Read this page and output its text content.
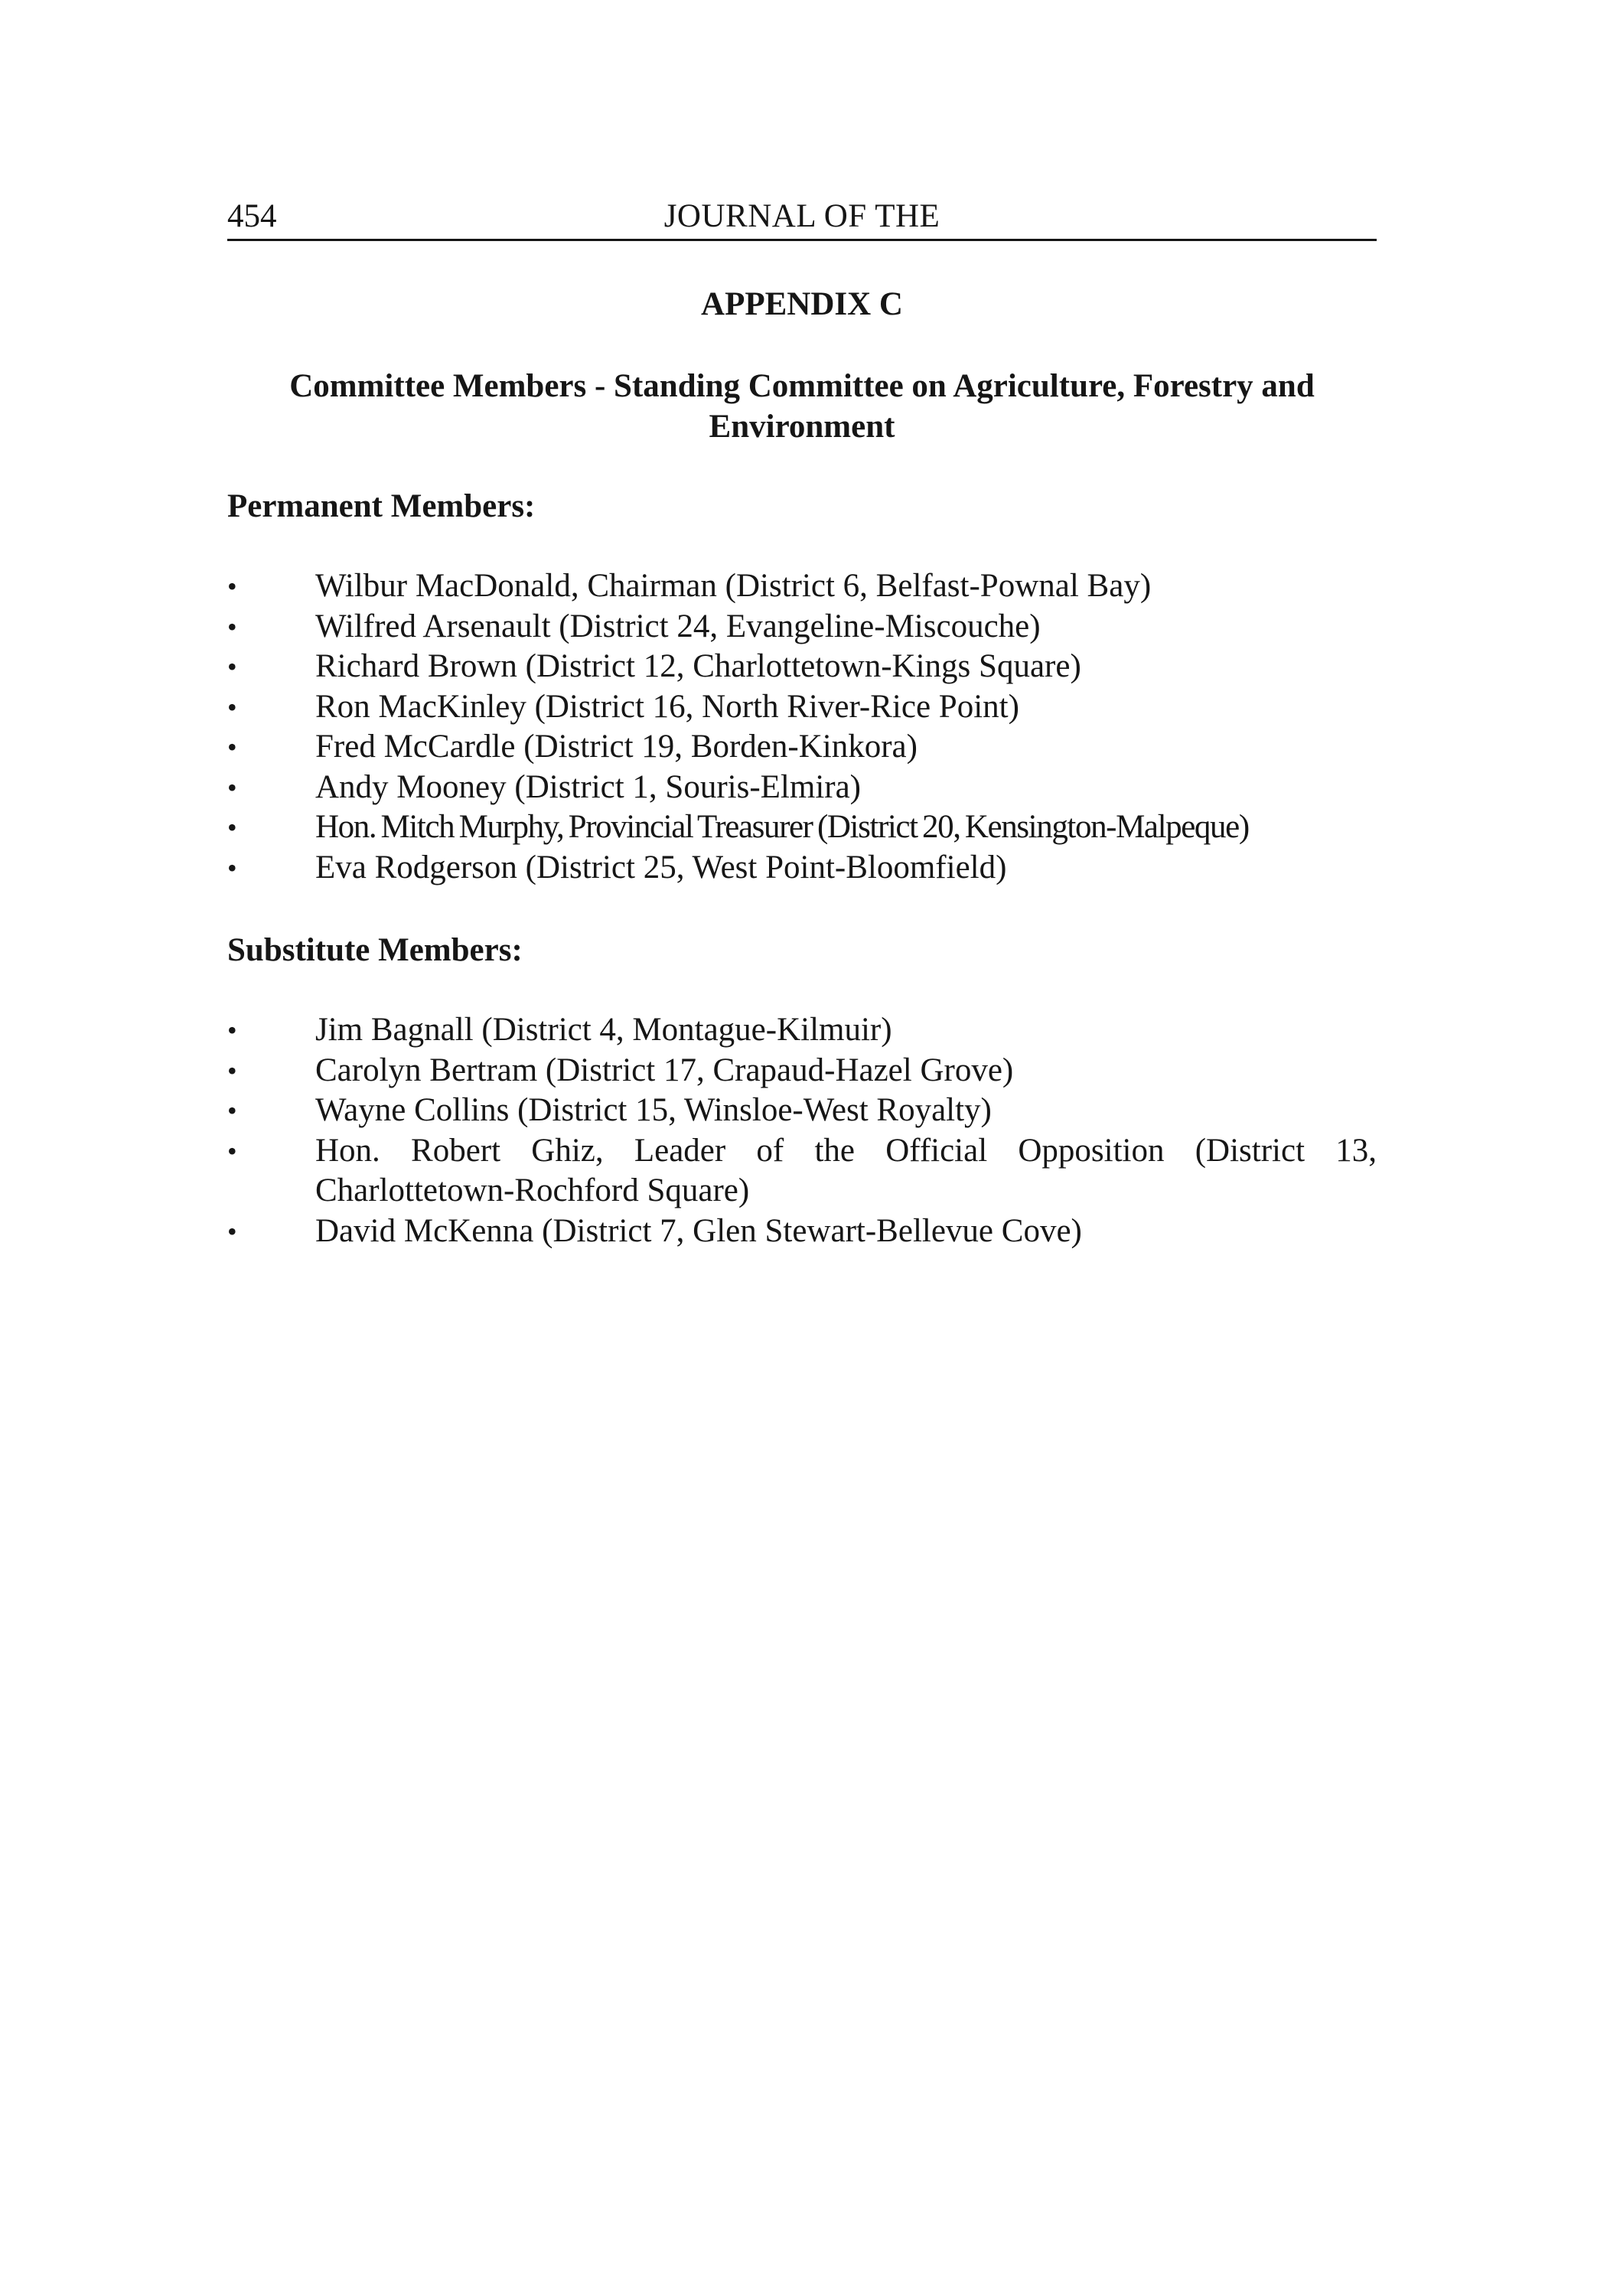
454	JOURNAL OF THE
APPENDIX C
Committee Members - Standing Committee on Agriculture, Forestry and Environment
Permanent Members:
• Wilbur MacDonald, Chairman (District 6, Belfast-Pownal Bay)
• Wilfred Arsenault (District 24, Evangeline-Miscouche)
• Richard Brown (District 12, Charlottetown-Kings Square)
• Ron MacKinley (District 16, North River-Rice Point)
• Fred McCardle (District 19, Borden-Kinkora)
• Andy Mooney (District 1, Souris-Elmira)
• Hon. Mitch Murphy, Provincial Treasurer (District 20, Kensington-Malpeque)
• Eva Rodgerson (District 25, West Point-Bloomfield)
Substitute Members:
• Jim Bagnall (District 4, Montague-Kilmuir)
• Carolyn Bertram (District 17, Crapaud-Hazel Grove)
• Wayne Collins (District 15, Winsloe-West Royalty)
• Hon. Robert Ghiz, Leader of the Official Opposition (District 13, Charlottetown-Rochford Square)
• David McKenna (District 7, Glen Stewart-Bellevue Cove)
